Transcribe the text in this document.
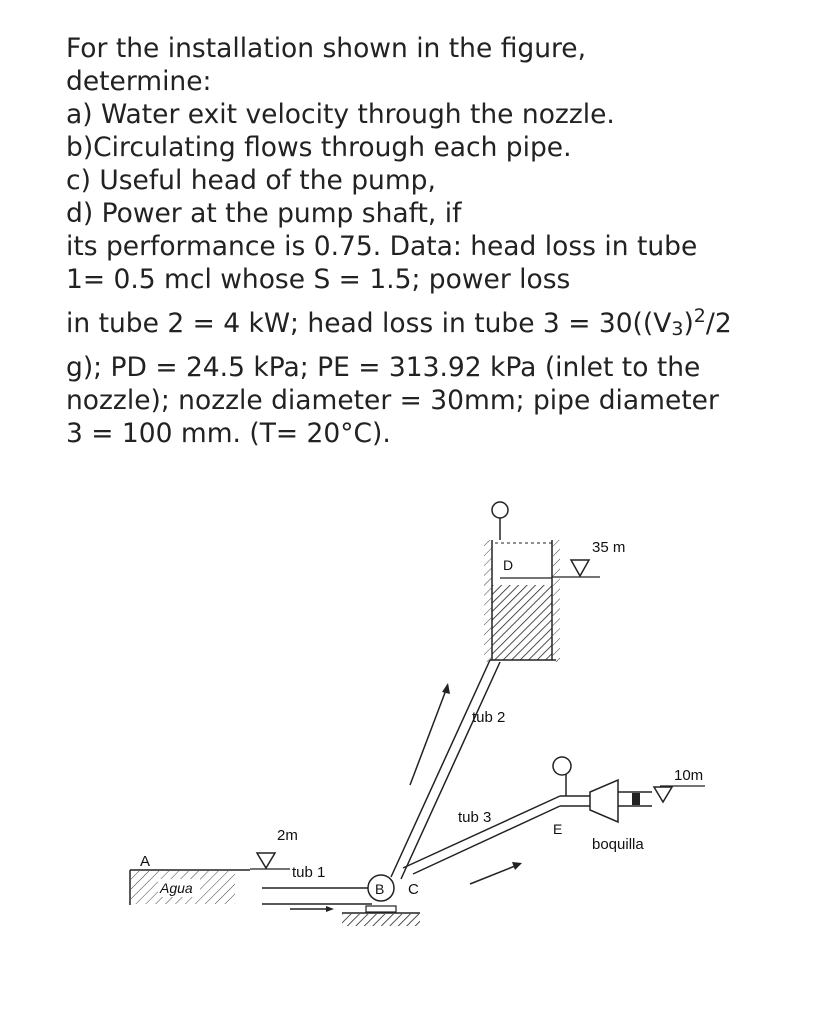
For the installation shown in the figure,
determine:
a) Water exit velocity through the nozzle.
b)Circulating flows through each pipe.
c) Useful head of the pump,
d) Power at the pump shaft, if
its performance is 0.75. Data: head loss in tube
1= 0.5 mcl whose S = 1.5; power loss
in tube 2 = 4 kW; head loss in tube $3 = 30((V_3)^2/2$
g); PD = 24.5 kPa; PE = 313.92 kPa (inlet to the
nozzle); nozzle diameter = 30mm; pipe diameter
3 = 100 mm. (T= 20°C).
A
Agua
2m
tub 1
B C
tub 2
D
35 m
tub 3
E
boquilla
10m
